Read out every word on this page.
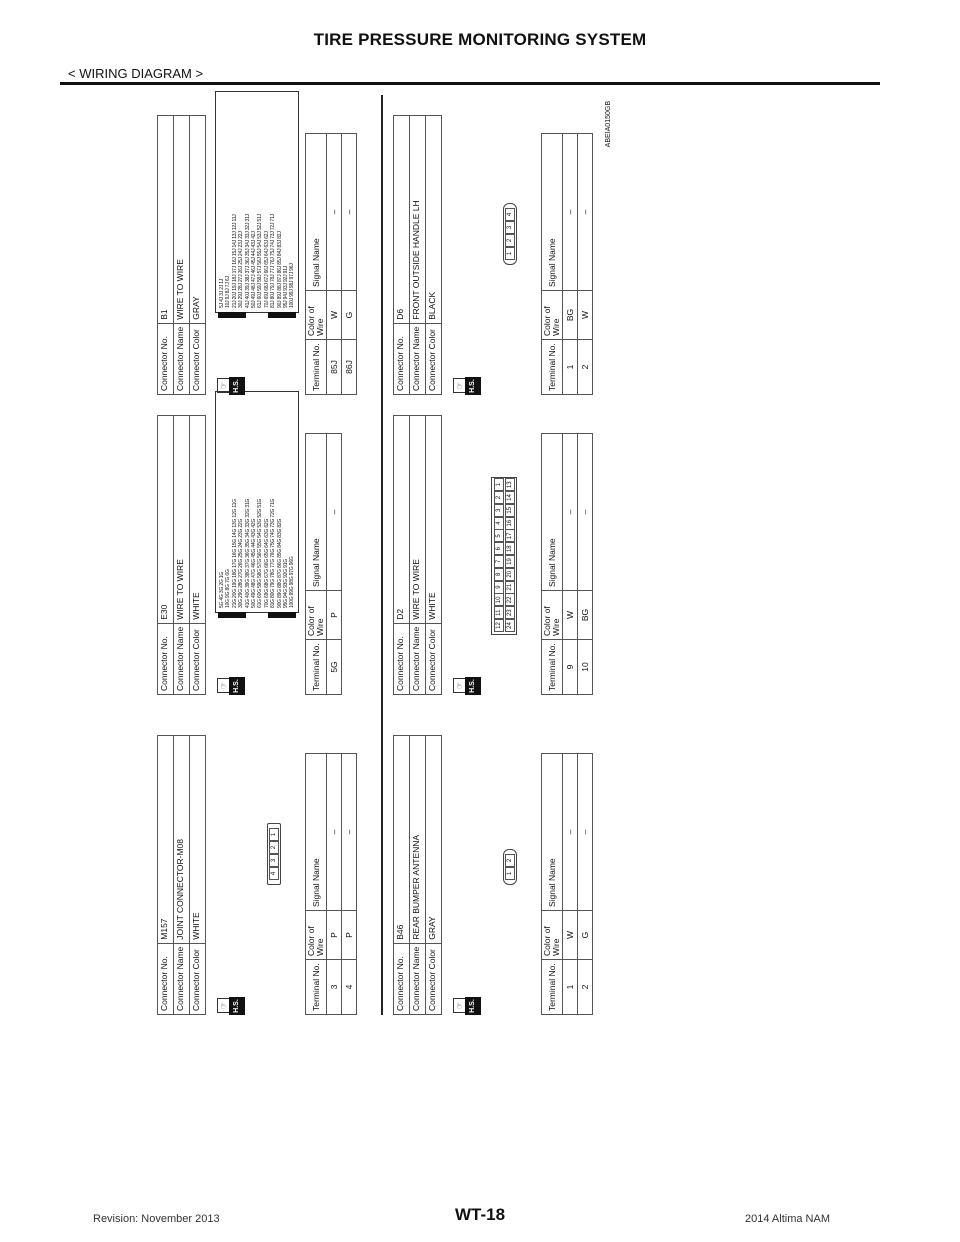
TIRE PRESSURE MONITORING SYSTEM
< WIRING DIAGRAM >
Connector No.	M157
Connector Name	JOINT CONNECTOR-M08
Connector Color	WHITE
☞ H.S.
4
3
2
1
Terminal No.	Color of Wire	Signal Name
3	P	–
4	P	–
Connector No.	E30
Connector Name	WIRE TO WIRE
Connector Color	WHITE
☞ H.S.
5G 4G 3G 2G 1G 10G 9G 8G 7G 6G 21G 20G 19G 18G 17G 16G 15G 14G 13G 12G 11G 30G 29G 28G 27G 26G 25G 24G 23G 22G 41G 40G 39G 38G 37G 36G 35G 34G 33G 32G 31G 50G 49G 48G 47G 46G 45G 44G 43G 42G 61G 60G 59G 58G 57G 56G 55G 54G 53G 52G 51G 70G 69G 68G 67G 66G 65G 64G 63G 62G 81G 80G 79G 78G 77G 76G 75G 74G 73G 72G 71G 90G 89G 88G 87G 86G 85G 84G 83G 82G 95G 94G 93G 92G 91G 100G 99G 98G 97G 96G
Terminal No.	Color of Wire	Signal Name
5G	P	–
Connector No.	B1
Connector Name	WIRE TO WIRE
Connector Color	GRAY
☞ H.S.
5J 4J 3J 2J 1J 10J 9J 8J 7J 6J 21J 20J 19J 18J 17J 16J 15J 14J 13J 12J 11J 30J 29J 28J 27J 26J 25J 24J 23J 22J 41J 40J 39J 38J 37J 36J 35J 34J 33J 32J 31J 50J 49J 48J 47J 46J 45J 44J 43J 42J 61J 60J 59J 58J 57J 56J 55J 54J 53J 52J 51J 70J 69J 68J 67J 66J 65J 64J 63J 62J 81J 80J 79J 78J 77J 76J 75J 74J 73J 72J 71J 90J 89J 88J 87J 86J 85J 84J 83J 82J 95J 94J 93J 92J 91J 100J 99J 98J 97J 96J
Terminal No.	Color of Wire	Signal Name
85J	W	–
86J	G	–
Connector No.	B46
Connector Name	REAR BUMPER ANTENNA
Connector Color	GRAY
☞ H.S.
1
2
Terminal No.	Color of Wire	Signal Name
1	W	–
2	G	–
Connector No.	D2
Connector Name	WIRE TO WIRE
Connector Color	WHITE
☞ H.S.
12
11
10
9
8
7
6
5
4
3
2
1
24
23
22
21
20
19
18
17
16
15
14
13
Terminal No.	Color of Wire	Signal Name
9	W	–
10	BG	–
Connector No.	D6
Connector Name	FRONT OUTSIDE HANDLE LH
Connector Color	BLACK
☞ H.S.
1
2
3
4
Terminal No.	Color of Wire	Signal Name
1	BG	–
2	W	–
ABEIA0150GB
Revision: November 2013	WT-18	2014 Altima NAM
